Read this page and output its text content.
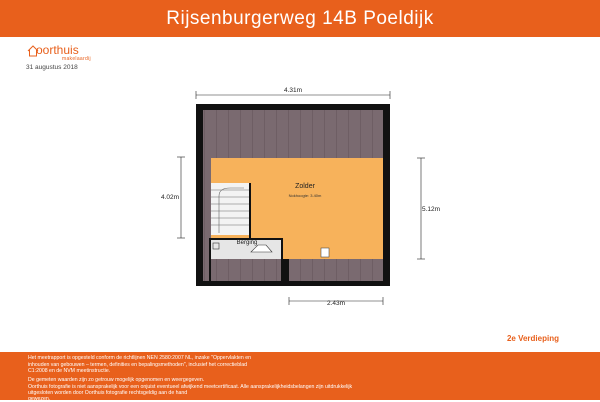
Rijsenburgerweg 14B Poeldijk
oorthuis
makelaardij
31 augustus 2018
Zolder
Nokhoogte: 3.40m
Berging
4.31m
4.02m
5.12m
2.43m
2e Verdieping

Het meetrapport is opgesteld conform de richtlijnen NEN 2580:2007 NL, inzake "Oppervlakten en

inhouden van gebouwen – termen, definities en bepalingsmethoden", inclusief het correctieblad

C1:2008 en de NVM meetinstructie.

De gemeten waarden zijn zo getrouw mogelijk opgenomen en weergegeven.

Oorthuis fotografie is niet aansprakelijk voor een onjuist eventueel afwijkend meetcertificaat. Alle aansprakelijkheidsbelangen zijn uitdrukkelijk

uitgesloten worden door Oorthuis fotografie rechtsgeldig aan de hand

gewezen.
